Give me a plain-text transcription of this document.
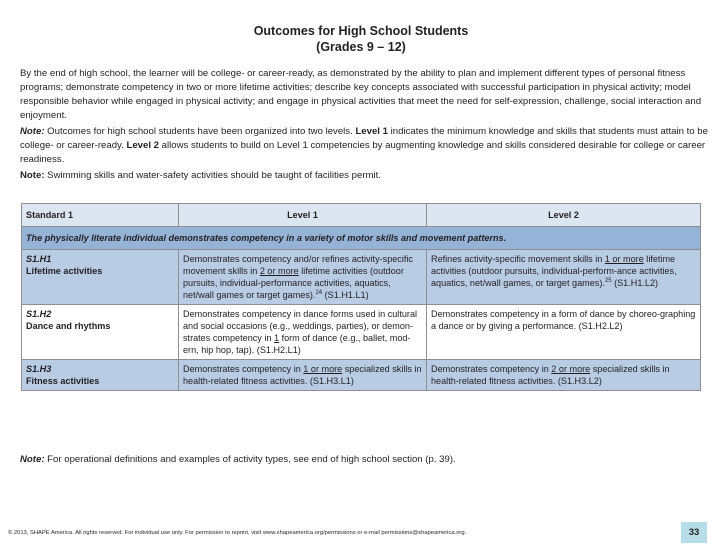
Outcomes for High School Students
(Grades 9 – 12)

By the end of high school, the learner will be college- or career-ready, as demonstrated by the ability to plan and implement different types of personal fitness programs; demonstrate competency in two or more lifetime activities; describe key concepts associated with successful participation in physical activity; model responsible behavior while engaged in physical activity; and engage in physical activities that meet the need for self-expression, challenge, social interaction and enjoyment.

Note: Outcomes for high school students have been organized into two levels. Level 1 indicates the minimum knowledge and skills that students must attain to be college- or career-ready. Level 2 allows students to build on Level 1 competencies by augmenting knowledge and skills considered desirable for college or career readiness.

Note: Swimming skills and water-safety activities should be taught of facilities permit.

Standard 1	Level 1	Level 2
The physically literate individual demonstrates competency in a variety of motor skills and movement patterns.		

S1.H1
Lifetime activities	Demonstrates competency and/or refines activity-specific movement skills in 2 or more lifetime activities (outdoor pursuits, individual-performance activities, aquatics, net/wall games or target games).$^{24}$ (S1.H1.L1)	Refines activity-specific movement skills in 1 or more lifetime activities (outdoor pursuits, individual-perform-ance activities, aquatics, net/wall games, or target games).$^{25}$ (S1.H1.L2)

S1.H2
Dance and rhythms	Demonstrates competency in dance forms used in cultural and social occasions (e.g., weddings, parties), or demon-strates competency in 1 form of dance (e.g., ballet, mod-ern, hip hop, tap). (S1.H2.L1)	Demonstrates competency in a form of dance by choreo-graphing a dance or by giving a performance. (S1.H2.L2)

S1.H3
Fitness activities	Demonstrates competency in 1 or more specialized skills in health-related fitness activities. (S1.H3.L1)	Demonstrates competency in 2 or more specialized skills in health-related fitness activities. (S1.H3.L2)

Note: For operational definitions and examples of activity types, see end of high school section (p. 39).

© 2013, SHAPE America. All rights reserved. For individual use only. For permission to reprint, visit www.shapeamerica.org/permissions or e-mail permissions@shapeamerica.org.	33
